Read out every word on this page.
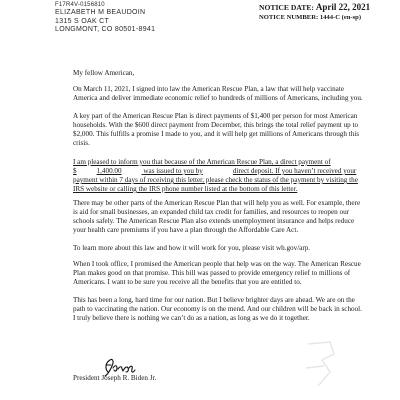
F17R4V-0156810
ELIZABETH M BEAUDOIN
1315 S OAK CT
LONGMONT, CO 80501-8941
NOTICE DATE: April 22, 2021
NOTICE NUMBER: 1444-C (en-sp)

My fellow American,

On March 11, 2021, I signed into law the American Rescue Plan, a law that will help vaccinate America and deliver immediate economic relief to hundreds of millions of Americans, including you.

A key part of the American Rescue Plan is direct payments of $1,400 per person for most American households. With the $600 direct payment from December, this brings the total relief payment up to $2,000. This fulfills a promise I made to you, and it will help get millions of Americans through this crisis.

I am pleased to inform you that because of the American Rescue Plan, a direct payment of
$	1,400.00	was issued to you by	direct deposit. If you haven’t received your payment within 7 days of receiving this letter, please check the status of the payment by visiting the IRS website or calling the IRS phone number listed at the bottom of this letter.

There may be other parts of the American Rescue Plan that will help you as well. For example, there is aid for small businesses, an expanded child tax credit for families, and resources to reopen our schools safely. The American Rescue Plan also extends unemployment insurance and helps reduce your health care premiums if you have a plan through the Affordable Care Act.

To learn more about this law and how it will work for you, please visit wh.gov/arp.

When I took office, I promised the American people that help was on the way. The American Rescue Plan makes good on that promise. This bill was passed to provide emergency relief to millions of Americans. I want to be sure you receive all the benefits that you are entitled to.

This has been a long, hard time for our nation. But I believe brighter days are ahead. We are on the path to vaccinating the nation. Our economy is on the mend. And our children will be back in school. I truly believe there is nothing we can’t do as a nation, as long as we do it together.

President Joseph R. Biden Jr.
